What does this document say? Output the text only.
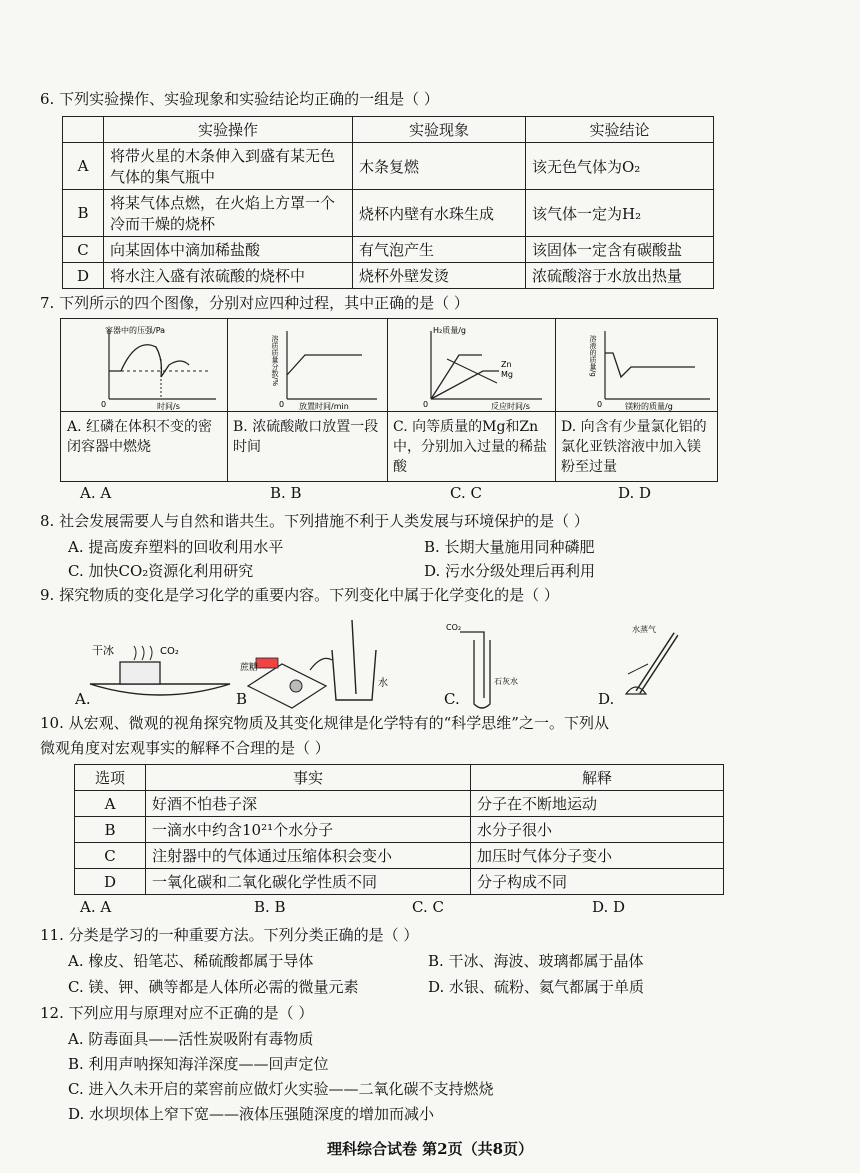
6. 下列实验操作、实验现象和实验结论均正确的一组是（ ）
	实验操作	实验现象	实验结论
A	将带火星的木条伸入到盛有某无色气体的集气瓶中	木条复燃	该无色气体为O₂
B	将某气体点燃，在火焰上方罩一个冷而干燥的烧杯	烧杯内壁有水珠生成	该气体一定为H₂
C	向某固体中滴加稀盐酸	有气泡产生	该固体一定含有碳酸盐
D	将水注入盛有浓硫酸的烧杯中	烧杯外壁发烫	浓硫酸溶于水放出热量
7. 下列所示的四个图像，分别对应四种过程，其中正确的是（ ）
容器中的压强/Pa
时间/s
0
A. 红磷在体积不变的密闭容器中燃烧
溶质质量分数/%
放置时间/min
0
B. 浓硫酸敞口放置一段时间
H₂质量/g
Zn
Mg
反应时间/s
0
C. 向等质量的Mg和Zn中，分别加入过量的稀盐酸
溶液的质量/g
镁粉的质量/g
0
D. 向含有少量氯化铝的氯化亚铁溶液中加入镁粉至过量
A. A	B. B	C. C	D. D
8. 社会发展需要人与自然和谐共生。下列措施不利于人类发展与环境保护的是（ ）
A. 提高废弃塑料的回收利用水平	B. 长期大量施用同种磷肥
C. 加快CO₂资源化利用研究	D. 污水分级处理后再利用
9. 探究物质的变化是学习化学的重要内容。下列变化中属于化学变化的是（ ）
干冰	CO₂
蔗糖
水
CO₂
石灰水
水蒸气
A.	B	C.	D.
10. 从宏观、微观的视角探究物质及其变化规律是化学特有的“科学思维”之一。下列从
微观角度对宏观事实的解释不合理的是（ ）
选项	事实	解释
A	好酒不怕巷子深	分子在不断地运动
B	一滴水中约含10²¹个水分子	水分子很小
C	注射器中的气体通过压缩体积会变小	加压时气体分子变小
D	一氧化碳和二氧化碳化学性质不同	分子构成不同
A. A	B. B	C. C	D. D
11. 分类是学习的一种重要方法。下列分类正确的是（ ）
A. 橡皮、铅笔芯、稀硫酸都属于导体	B. 干冰、海波、玻璃都属于晶体
C. 镁、钾、碘等都是人体所必需的微量元素	D. 水银、硫粉、氦气都属于单质
12. 下列应用与原理对应不正确的是（ ）
A. 防毒面具——活性炭吸附有毒物质
B. 利用声呐探知海洋深度——回声定位
C. 进入久未开启的菜窖前应做灯火实验——二氧化碳不支持燃烧
D. 水坝坝体上窄下宽——液体压强随深度的增加而减小
理科综合试卷 第2页（共8页）
